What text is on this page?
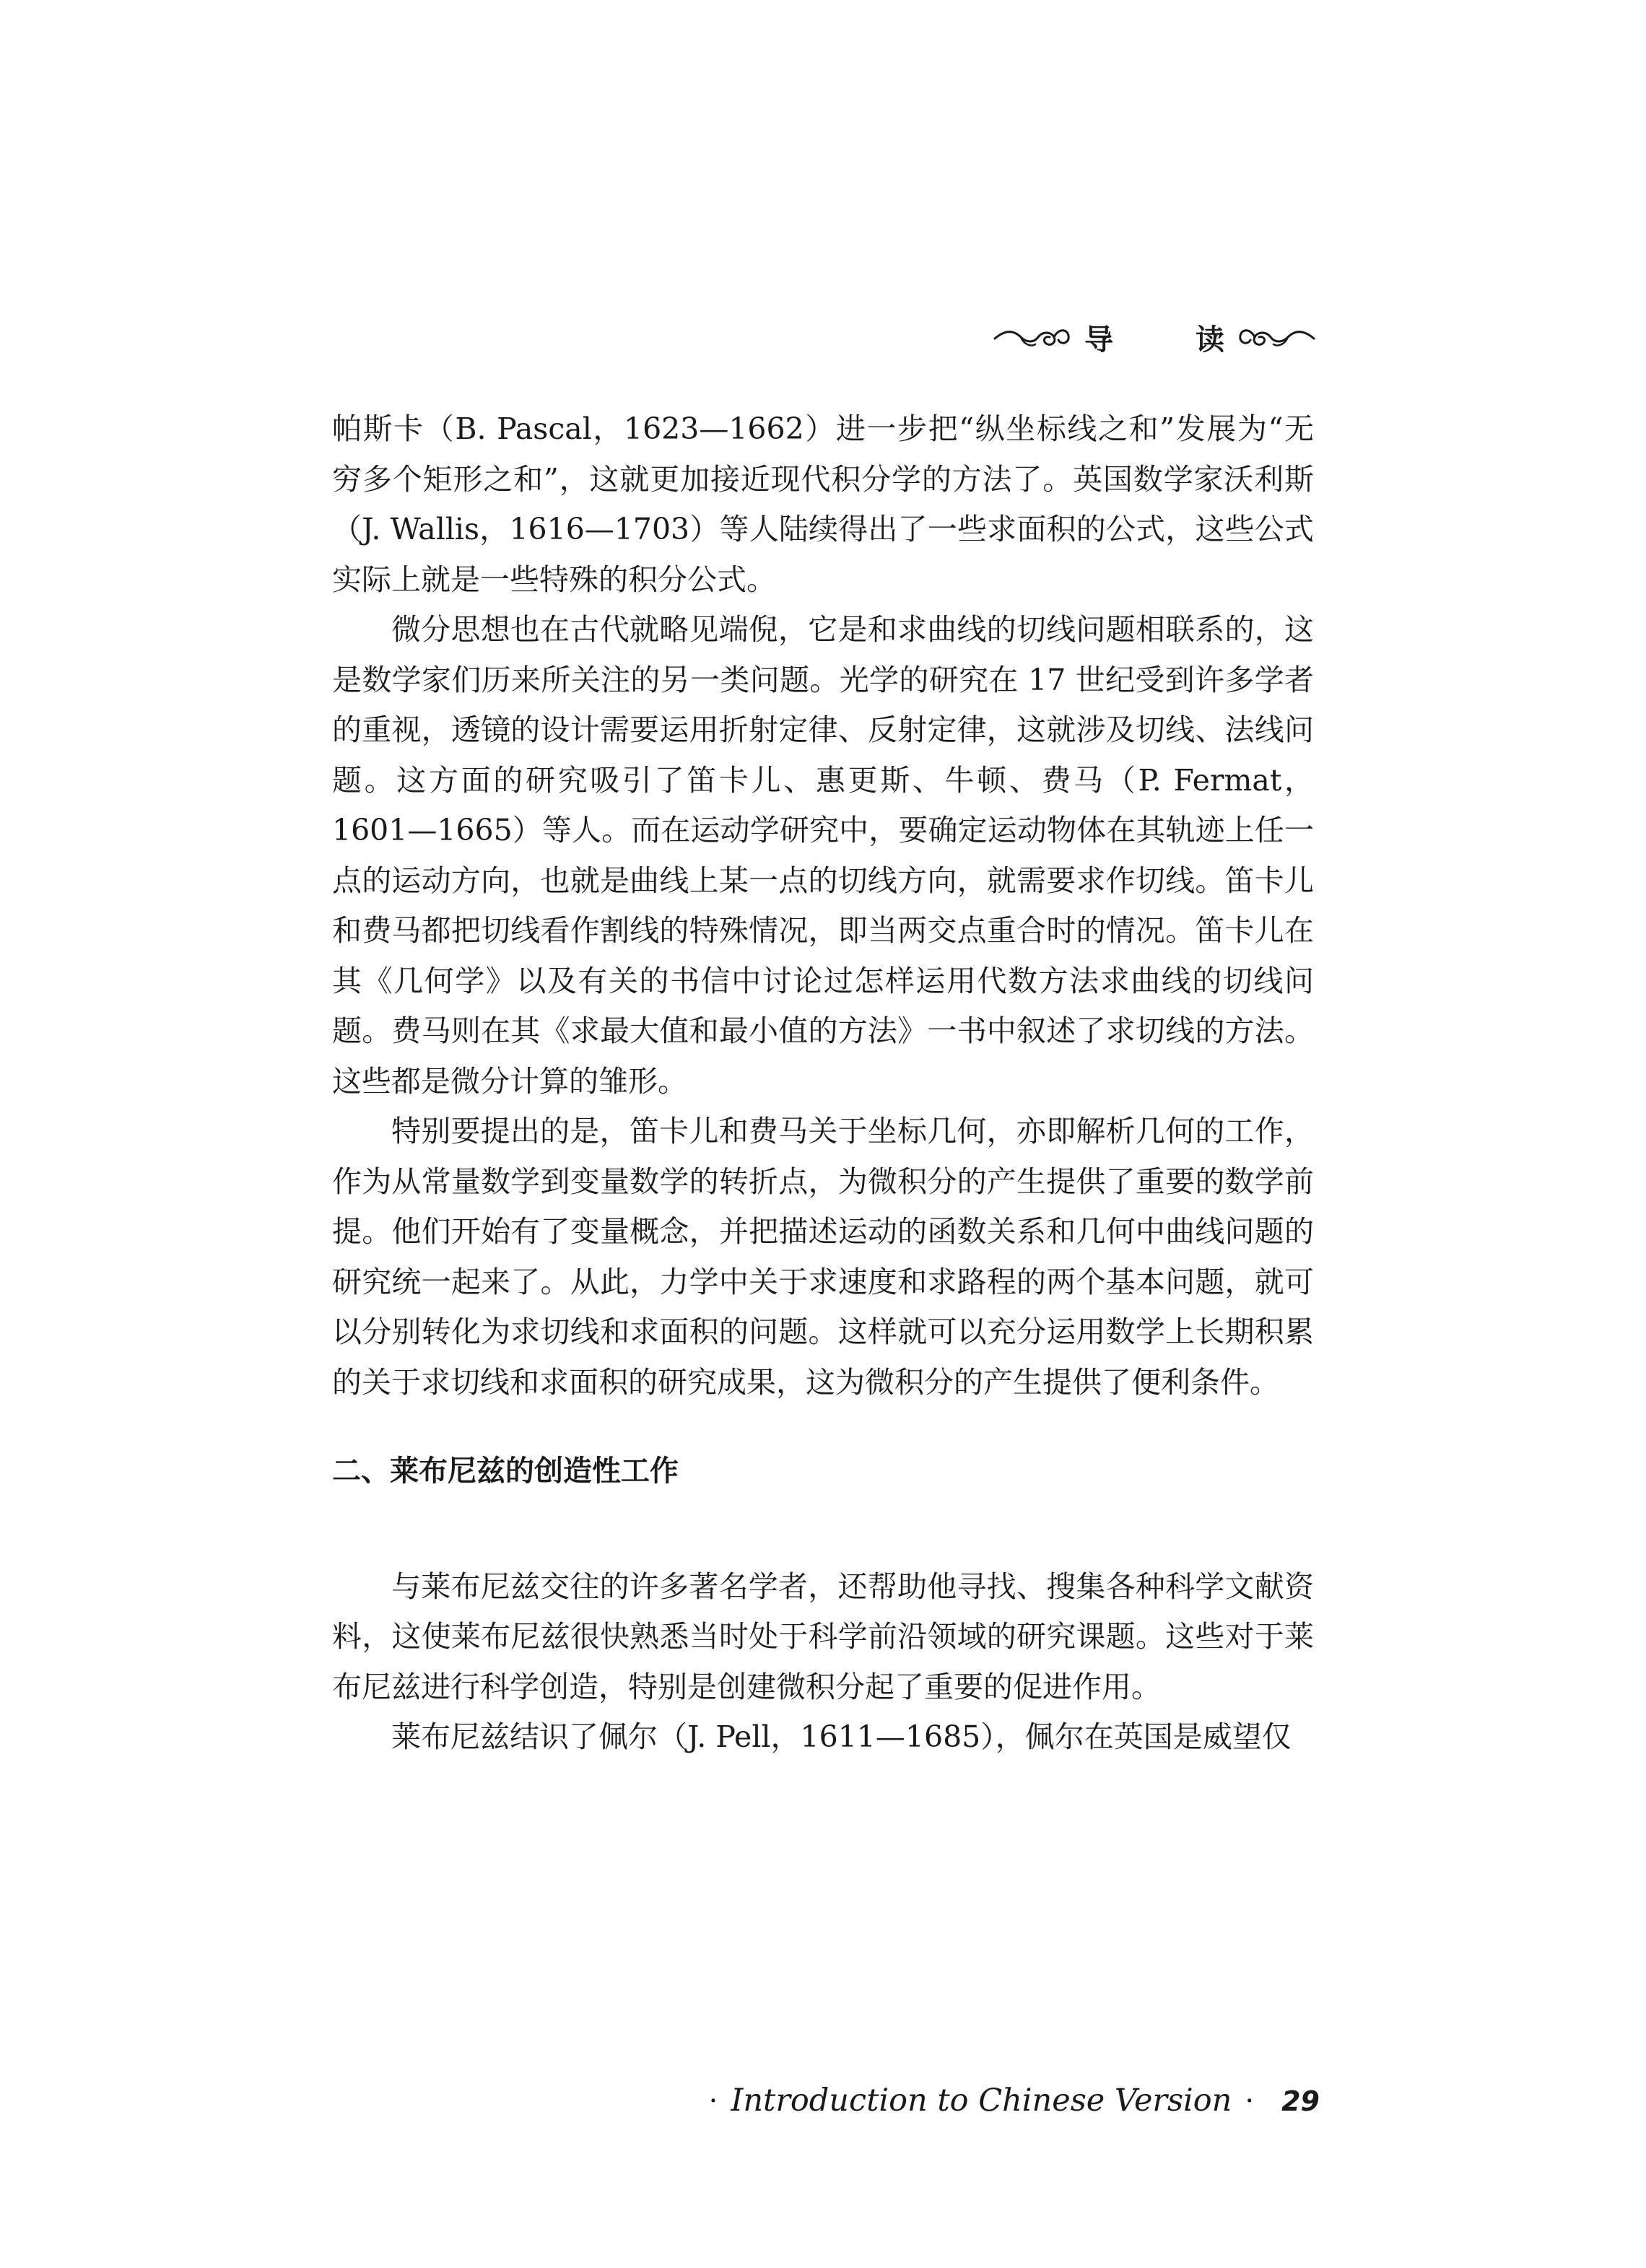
导 读

帕斯卡（B. Pascal，1623—1662）进一步把“纵坐标线之和”发展为“无穷多个矩形之和”，这就更加接近现代积分学的方法了。英国数学家沃利斯（J. Wallis，1616—1703）等人陆续得出了一些求面积的公式，这些公式实际上就是一些特殊的积分公式。

微分思想也在古代就略见端倪，它是和求曲线的切线问题相联系的，这是数学家们历来所关注的另一类问题。光学的研究在 17 世纪受到许多学者的重视，透镜的设计需要运用折射定律、反射定律，这就涉及切线、法线问题。这方面的研究吸引了笛卡儿、惠更斯、牛顿、费马（P. Fermat，1601—1665）等人。而在运动学研究中，要确定运动物体在其轨迹上任一点的运动方向，也就是曲线上某一点的切线方向，就需要求作切线。笛卡儿和费马都把切线看作割线的特殊情况，即当两交点重合时的情况。笛卡儿在其《几何学》以及有关的书信中讨论过怎样运用代数方法求曲线的切线问题。费马则在其《求最大值和最小值的方法》一书中叙述了求切线的方法。这些都是微分计算的雏形。

特别要提出的是，笛卡儿和费马关于坐标几何，亦即解析几何的工作，作为从常量数学到变量数学的转折点，为微积分的产生提供了重要的数学前提。他们开始有了变量概念，并把描述运动的函数关系和几何中曲线问题的研究统一起来了。从此，力学中关于求速度和求路程的两个基本问题，就可以分别转化为求切线和求面积的问题。这样就可以充分运用数学上长期积累的关于求切线和求面积的研究成果，这为微积分的产生提供了便利条件。

二、莱布尼兹的创造性工作

与莱布尼兹交往的许多著名学者，还帮助他寻找、搜集各种科学文献资料，这使莱布尼兹很快熟悉当时处于科学前沿领域的研究课题。这些对于莱布尼兹进行科学创造，特别是创建微积分起了重要的促进作用。

莱布尼兹结识了佩尔（J. Pell，1611—1685），佩尔在英国是威望仅

· Introduction to Chinese Version · 29
